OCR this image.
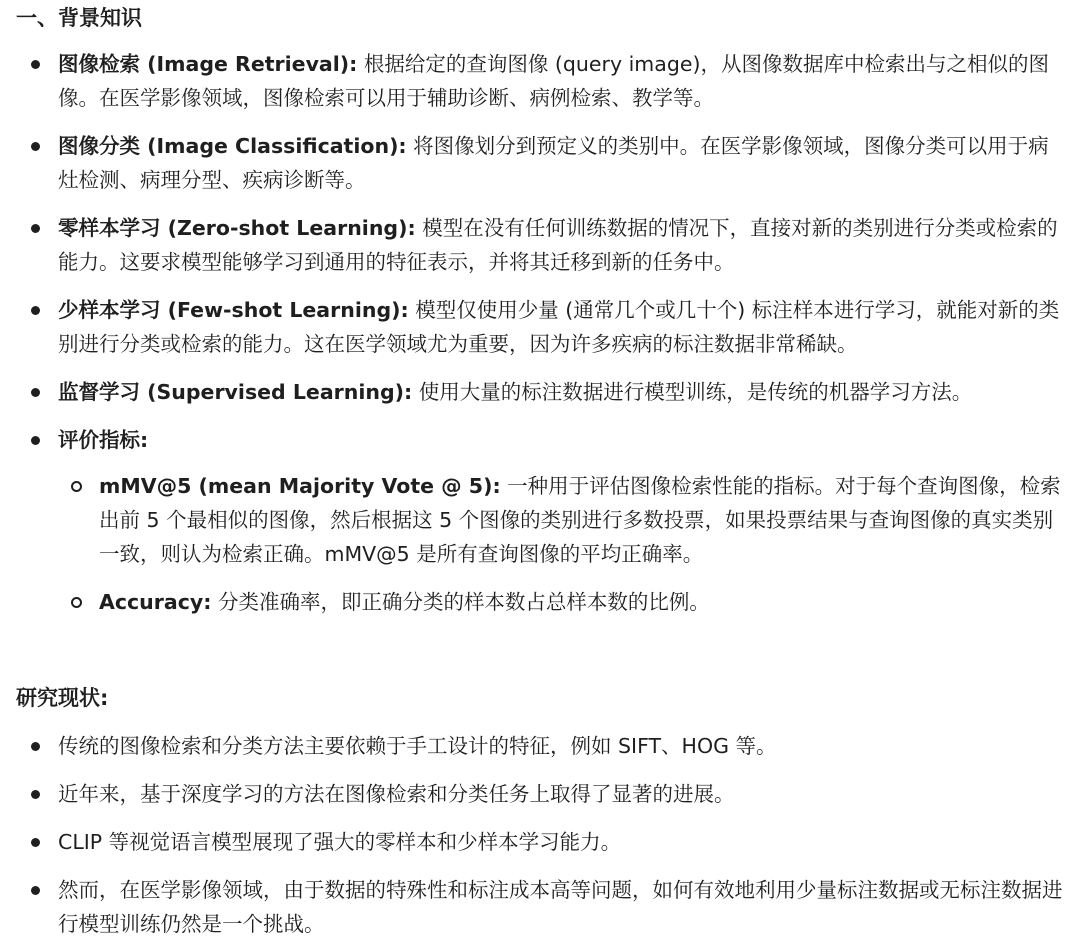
一、背景知识
图像检索 (Image Retrieval): 根据给定的查询图像 (query image)，从图像数据库中检索出与之相似的图像。在医学影像领域，图像检索可以用于辅助诊断、病例检索、教学等。
图像分类 (Image Classification): 将图像划分到预定义的类别中。在医学影像领域，图像分类可以用于病灶检测、病理分型、疾病诊断等。
零样本学习 (Zero-shot Learning): 模型在没有任何训练数据的情况下，直接对新的类别进行分类或检索的能力。这要求模型能够学习到通用的特征表示，并将其迁移到新的任务中。
少样本学习 (Few-shot Learning): 模型仅使用少量 (通常几个或几十个) 标注样本进行学习，就能对新的类别进行分类或检索的能力。这在医学领域尤为重要，因为许多疾病的标注数据非常稀缺。
监督学习 (Supervised Learning): 使用大量的标注数据进行模型训练，是传统的机器学习方法。
评价指标:
mMV@5 (mean Majority Vote @ 5): 一种用于评估图像检索性能的指标。对于每个查询图像，检索出前 5 个最相似的图像，然后根据这 5 个图像的类别进行多数投票，如果投票结果与查询图像的真实类别一致，则认为检索正确。mMV@5 是所有查询图像的平均正确率。
Accuracy: 分类准确率，即正确分类的样本数占总样本数的比例。
研究现状:
传统的图像检索和分类方法主要依赖于手工设计的特征，例如 SIFT、HOG 等。
近年来，基于深度学习的方法在图像检索和分类任务上取得了显著的进展。
CLIP 等视觉语言模型展现了强大的零样本和少样本学习能力。
然而，在医学影像领域，由于数据的特殊性和标注成本高等问题，如何有效地利用少量标注数据或无标注数据进行模型训练仍然是一个挑战。
